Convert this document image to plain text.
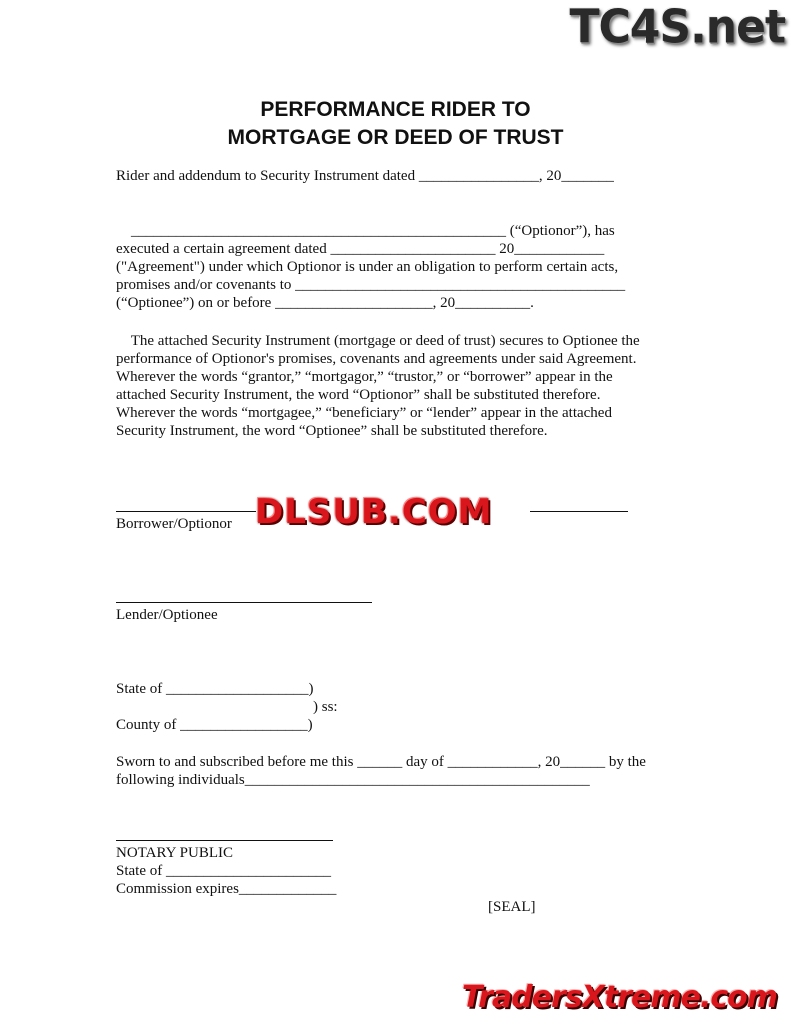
TC4S.net
PERFORMANCE RIDER TO
MORTGAGE OR DEED OF TRUST
Rider and addendum to Security Instrument dated ________________, 20_______
__________________________________________________ (“Optionor”), has
executed a certain agreement dated ______________________ 20____________
("Agreement") under which Optionor is under an obligation to perform certain acts,
promises and/or covenants to ____________________________________________
(“Optionee”) on or before _____________________, 20__________.
The attached Security Instrument (mortgage or deed of trust) secures to Optionee the
performance of Optionor's promises, covenants and agreements under said Agreement.
Wherever the words “grantor,” “mortgagor,” “trustor,” or “borrower” appear in the
attached Security Instrument, the word “Optionor” shall be substituted therefore.
Wherever the words “mortgagee,” “beneficiary” or “lender” appear in the attached
Security Instrument, the word “Optionee” shall be substituted therefore.
Borrower/Optionor DLSUB.COM
Lender/Optionee
State of ___________________)
) ss:
County of _________________)
Sworn to and subscribed before me this ______ day of ____________, 20______ by the
following individuals______________________________________________
NOTARY PUBLIC
State of ______________________
Commission expires_____________
[SEAL]
TradersXtreme.com
